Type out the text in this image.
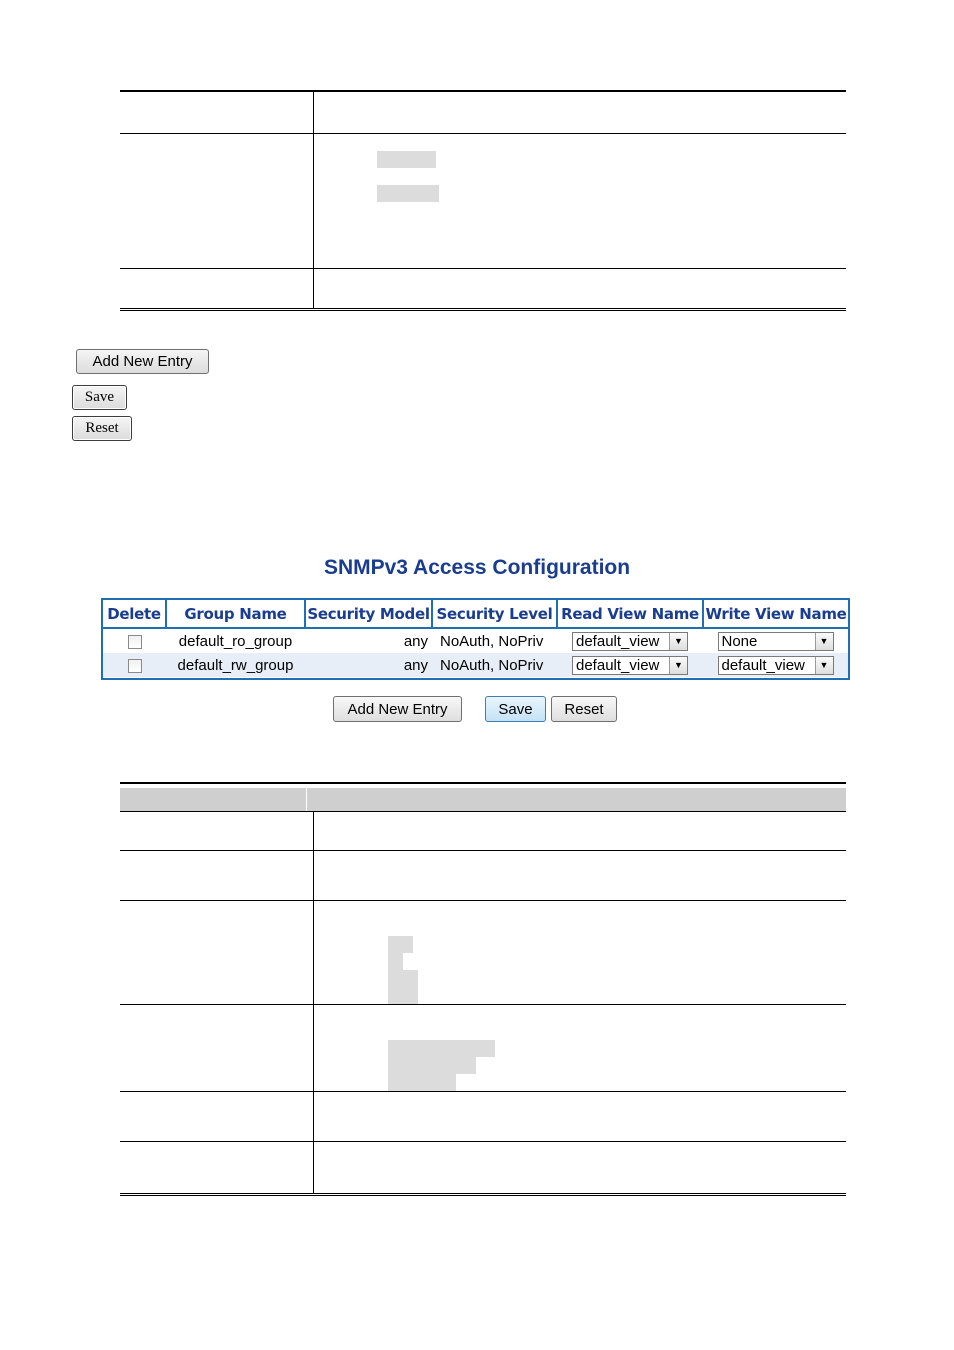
Add New Entry
Save
Reset
SNMPv3 Access Configuration
Delete	Group Name	Security Model	Security Level	Read View Name	Write View Name
	default_ro_group	any	NoAuth, NoPriv	default_view ▼	None ▼

	default_rw_group	any	NoAuth, NoPriv	default_view ▼	default_view ▼
Add New Entry	Save	Reset
